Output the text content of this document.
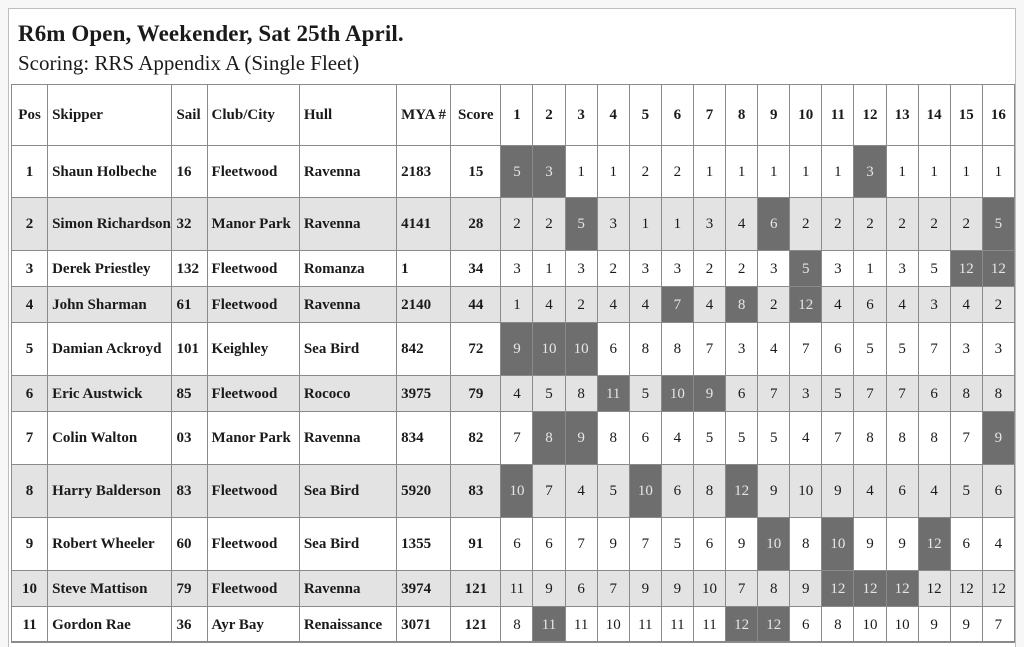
R6m Open, Weekender, Sat 25th April.
Scoring: RRS Appendix A (Single Fleet)
Pos	Skipper	Sail	Club/City	Hull	MYA #	Score	1	2	3	4	5	6	7	8	9	10	11	12	13	14	15	16
1	Shaun Holbeche	16	Fleetwood	Ravenna	2183	15	5	3	1	1	2	2	1	1	1	1	1	3	1	1	1	1
2	Simon Richardson	32	Manor Park	Ravenna	4141	28	2	2	5	3	1	1	3	4	6	2	2	2	2	2	2	5
3	Derek Priestley	132	Fleetwood	Romanza	1	34	3	1	3	2	3	3	2	2	3	5	3	1	3	5	12	12
4	John Sharman	61	Fleetwood	Ravenna	2140	44	1	4	2	4	4	7	4	8	2	12	4	6	4	3	4	2
5	Damian Ackroyd	101	Keighley	Sea Bird	842	72	9	10	10	6	8	8	7	3	4	7	6	5	5	7	3	3
6	Eric Austwick	85	Fleetwood	Rococo	3975	79	4	5	8	11	5	10	9	6	7	3	5	7	7	6	8	8
7	Colin Walton	03	Manor Park	Ravenna	834	82	7	8	9	8	6	4	5	5	5	4	7	8	8	8	7	9
8	Harry Balderson	83	Fleetwood	Sea Bird	5920	83	10	7	4	5	10	6	8	12	9	10	9	4	6	4	5	6
9	Robert Wheeler	60	Fleetwood	Sea Bird	1355	91	6	6	7	9	7	5	6	9	10	8	10	9	9	12	6	4
10	Steve Mattison	79	Fleetwood	Ravenna	3974	121	11	9	6	7	9	9	10	7	8	9	12	12	12	12	12	12
11	Gordon Rae	36	Ayr Bay	Renaissance	3071	121	8	11	11	10	11	11	11	12	12	6	8	10	10	9	9	7
